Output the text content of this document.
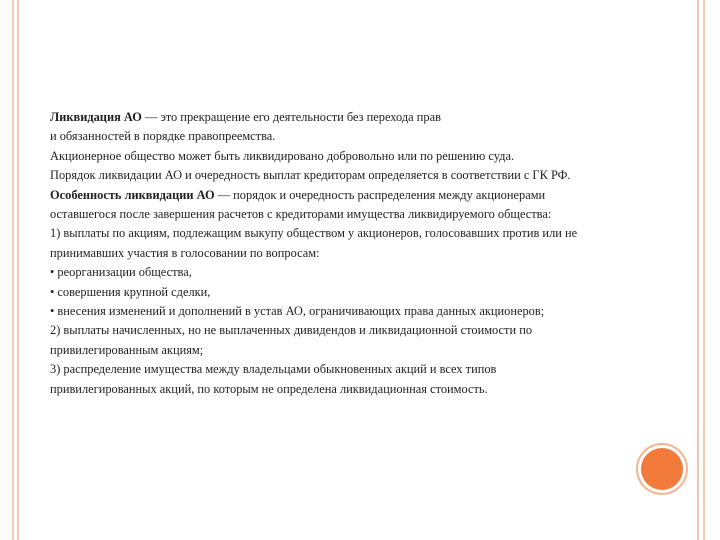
Ликвидация АО — это прекращение его деятельности без перехода прав
и обязанностей в порядке правопреемства.
Акционерное общество может быть ликвидировано добровольно или по решению суда.
Порядок ликвидации АО и очередность выплат кредиторам определяется в соответствии с ГК РФ.
Особенность ликвидации АО — порядок и очередность распределения между акционерами
оставшегося после завершения расчетов с кредиторами имущества ликвидируемого общества:
1) выплаты по акциям, подлежащим выкупу обществом у акционеров, голосовавших против или не
принимавших участия в голосовании по вопросам:
• реорганизации общества,
• совершения крупной сделки,
• внесения изменений и дополнений в устав АО, ограничивающих права данных акционеров;
2) выплаты начисленных, но не выплаченных дивидендов и ликвидационной стоимости по
привилегированным акциям;
3) распределение имущества между владельцами обыкновенных акций и всех типов
привилегированных акций, по которым не определена ликвидационная стоимость.
